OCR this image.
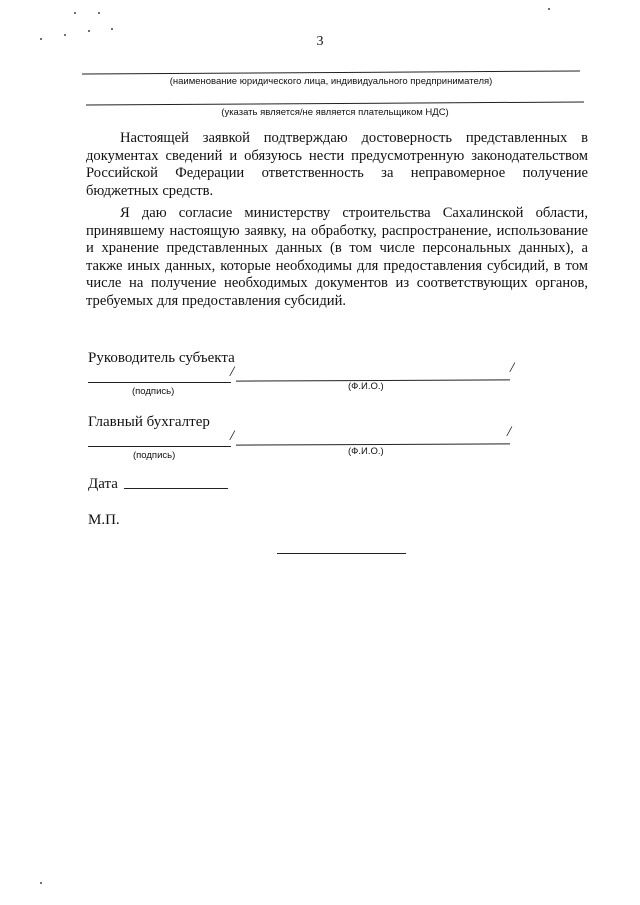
3
(наименование юридического лица, индивидуального предпринимателя)
(указать является/не является плательщиком НДС)

Настоящей заявкой подтверждаю достоверность представленных в документах сведений и обязуюсь нести предусмотренную законодательством Российской Федерации ответственность за неправомерное получение бюджетных средств.

Я даю согласие министерству строительства Сахалинской области, принявшему настоящую заявку, на обработку, распространение, использование и хранение представленных данных (в том числе персональных данных), а также иных данных, которые необходимы для предоставления субсидий, в том числе на получение необходимых документов из соответствующих органов, требуемых для предоставления субсидий.

Руководитель субъекта
/	/
(подпись)	(Ф.И.О.)
Главный бухгалтер
/	/
(подпись)	(Ф.И.О.)
Дата
М.П.
